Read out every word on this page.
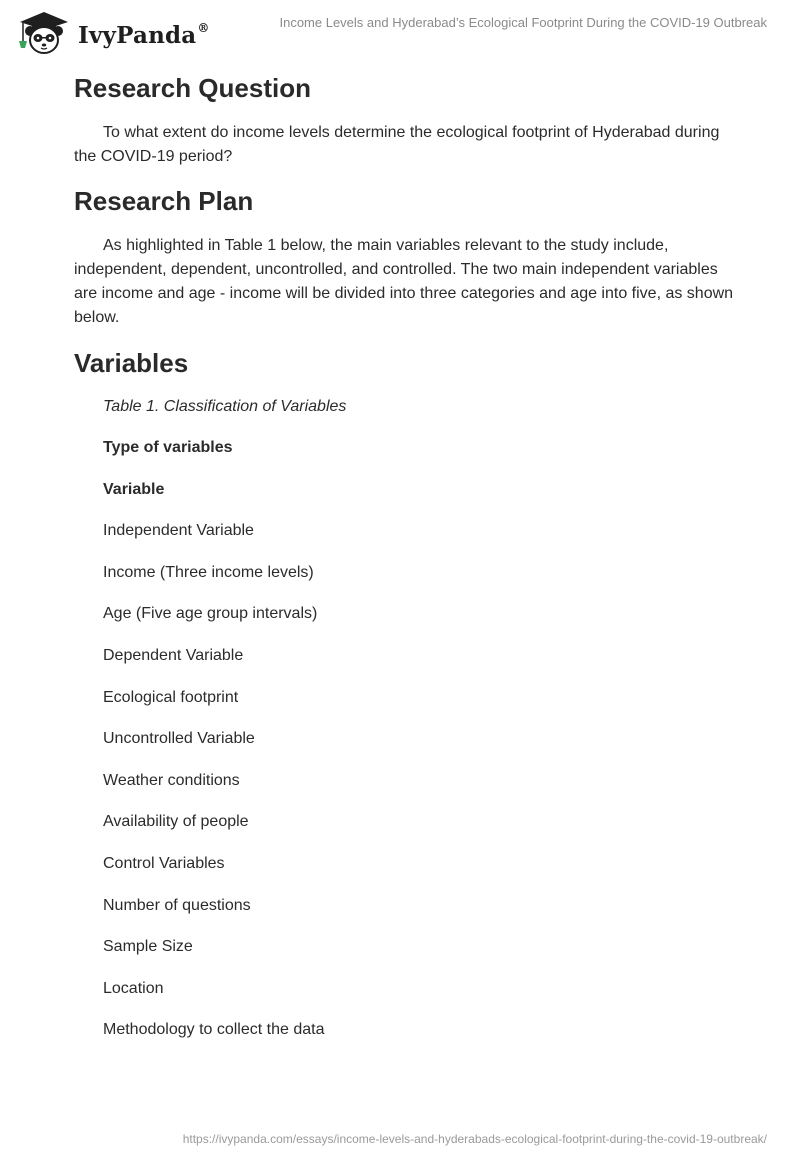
IvyPanda®	Income Levels and Hyderabad’s Ecological Footprint During the COVID-19 Outbreak
Research Question

To what extent do income levels determine the ecological footprint of Hyderabad during the COVID-19 period?

Research Plan

As highlighted in Table 1 below, the main variables relevant to the study include, independent, dependent, uncontrolled, and controlled. The two main independent variables are income and age - income will be divided into three categories and age into five, as shown below.

Variables
Table 1. Classification of Variables
Type of variables
Variable
Independent Variable
Income (Three income levels)
Age (Five age group intervals)
Dependent Variable
Ecological footprint
Uncontrolled Variable
Weather conditions
Availability of people
Control Variables
Number of questions
Sample Size
Location
Methodology to collect the data
https://ivypanda.com/essays/income-levels-and-hyderabads-ecological-footprint-during-the-covid-19-outbreak/
